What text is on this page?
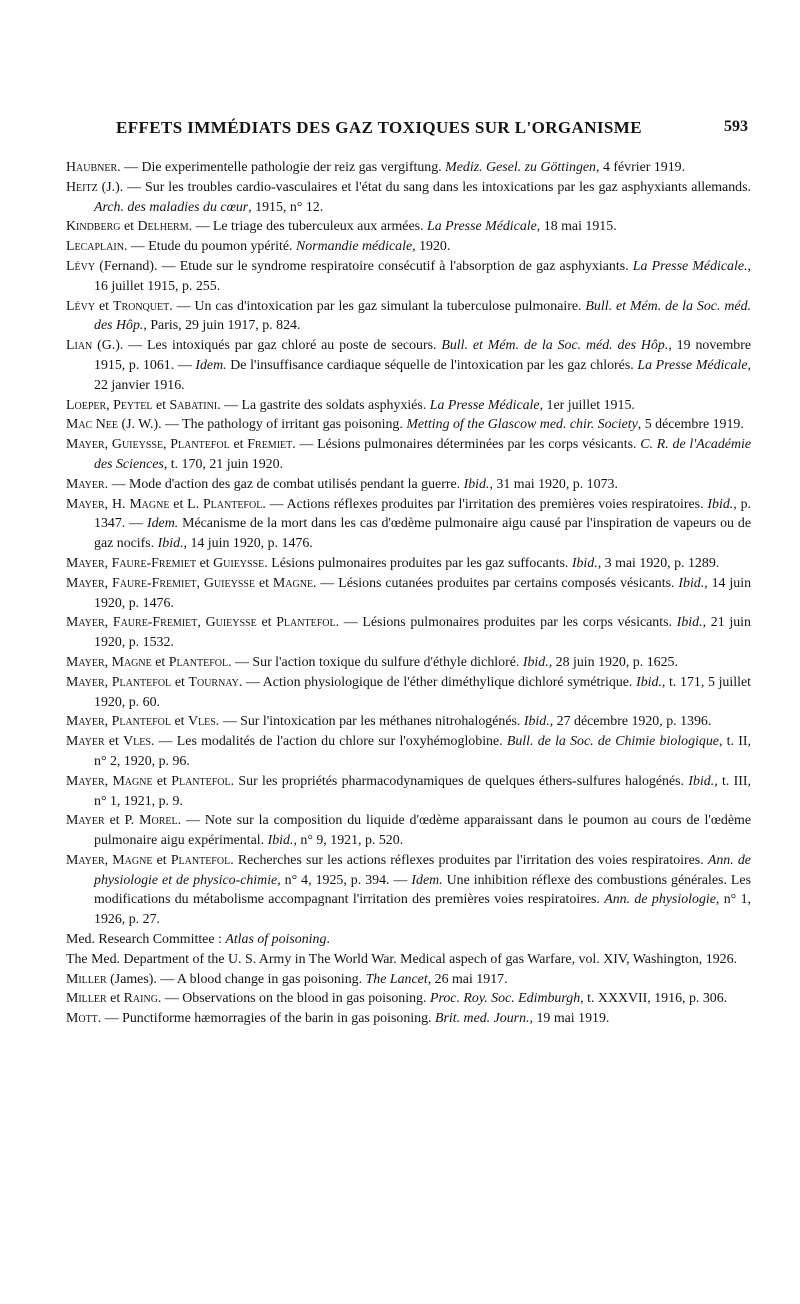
EFFETS IMMÉDIATS DES GAZ TOXIQUES SUR L'ORGANISME	593

Haubner. — Die experimentelle pathologie der reiz gas vergiftung. Mediz. Gesel. zu Göttingen, 4 février 1919.

Heitz (J.). — Sur les troubles cardio-vasculaires et l'état du sang dans les intoxications par les gaz asphyxiants allemands. Arch. des maladies du cœur, 1915, n° 12.

Kindberg et Delherm. — Le triage des tuberculeux aux armées. La Presse Médicale, 18 mai 1915.

Lecaplain. — Etude du poumon ypérité. Normandie médicale, 1920.

Lévy (Fernand). — Etude sur le syndrome respiratoire consécutif à l'absorption de gaz asphyxiants. La Presse Médicale., 16 juillet 1915, p. 255.

Lévy et Tronquet. — Un cas d'intoxication par les gaz simulant la tuberculose pulmonaire. Bull. et Mém. de la Soc. méd. des Hôp., Paris, 29 juin 1917, p. 824.

Lian (G.). — Les intoxiqués par gaz chloré au poste de secours. Bull. et Mém. de la Soc. méd. des Hôp., 19 novembre 1915, p. 1061. — Idem. De l'insuffisance cardiaque séquelle de l'intoxication par les gaz chlorés. La Presse Médicale, 22 janvier 1916.

Loeper, Peytel et Sabatini. — La gastrite des soldats asphyxiés. La Presse Médicale, 1er juillet 1915.

Mac Nee (J. W.). — The pathology of irritant gas poisoning. Metting of the Glascow med. chir. Society, 5 décembre 1919.

Mayer, Guieysse, Plantefol et Fremiet. — Lésions pulmonaires déterminées par les corps vésicants. C. R. de l'Académie des Sciences, t. 170, 21 juin 1920.

Mayer. — Mode d'action des gaz de combat utilisés pendant la guerre. Ibid., 31 mai 1920, p. 1073.

Mayer, H. Magne et L. Plantefol. — Actions réflexes produites par l'irritation des premières voies respiratoires. Ibid., p. 1347. — Idem. Mécanisme de la mort dans les cas d'œdème pulmonaire aigu causé par l'inspiration de vapeurs ou de gaz nocifs. Ibid., 14 juin 1920, p. 1476.

Mayer, Faure-Fremiet et Guieysse. Lésions pulmonaires produites par les gaz suffocants. Ibid., 3 mai 1920, p. 1289.

Mayer, Faure-Fremiet, Guieysse et Magne. — Lésions cutanées produites par certains composés vésicants. Ibid., 14 juin 1920, p. 1476.

Mayer, Faure-Fremiet, Guieysse et Plantefol. — Lésions pulmonaires produites par les corps vésicants. Ibid., 21 juin 1920, p. 1532.

Mayer, Magne et Plantefol. — Sur l'action toxique du sulfure d'éthyle dichloré. Ibid., 28 juin 1920, p. 1625.

Mayer, Plantefol et Tournay. — Action physiologique de l'éther diméthylique dichloré symétrique. Ibid., t. 171, 5 juillet 1920, p. 60.

Mayer, Plantefol et Vles. — Sur l'intoxication par les méthanes nitrohalogénés. Ibid., 27 décembre 1920, p. 1396.

Mayer et Vles. — Les modalités de l'action du chlore sur l'oxyhémoglobine. Bull. de la Soc. de Chimie biologique, t. II, n° 2, 1920, p. 96.

Mayer, Magne et Plantefol. Sur les propriétés pharmacodynamiques de quelques éthers-sulfures halogénés. Ibid., t. III, n° 1, 1921, p. 9.

Mayer et P. Morel. — Note sur la composition du liquide d'œdème apparaissant dans le poumon au cours de l'œdème pulmonaire aigu expérimental. Ibid., n° 9, 1921, p. 520.

Mayer, Magne et Plantefol. Recherches sur les actions réflexes produites par l'irritation des voies respiratoires. Ann. de physiologie et de physico-chimie, n° 4, 1925, p. 394. — Idem. Une inhibition réflexe des combustions générales. Les modifications du métabolisme accompagnant l'irritation des premières voies respiratoires. Ann. de physiologie, n° 1, 1926, p. 27.

Med. Research Committee : Atlas of poisoning.

The Med. Department of the U. S. Army in The World War. Medical aspech of gas Warfare, vol. XIV, Washington, 1926.

Miller (James). — A blood change in gas poisoning. The Lancet, 26 mai 1917.

Miller et Raing. — Observations on the blood in gas poisoning. Proc. Roy. Soc. Edimburgh, t. XXXVII, 1916, p. 306.

Mott. — Punctiforme hæmorragies of the barin in gas poisoning. Brit. med. Journ., 19 mai 1919.
